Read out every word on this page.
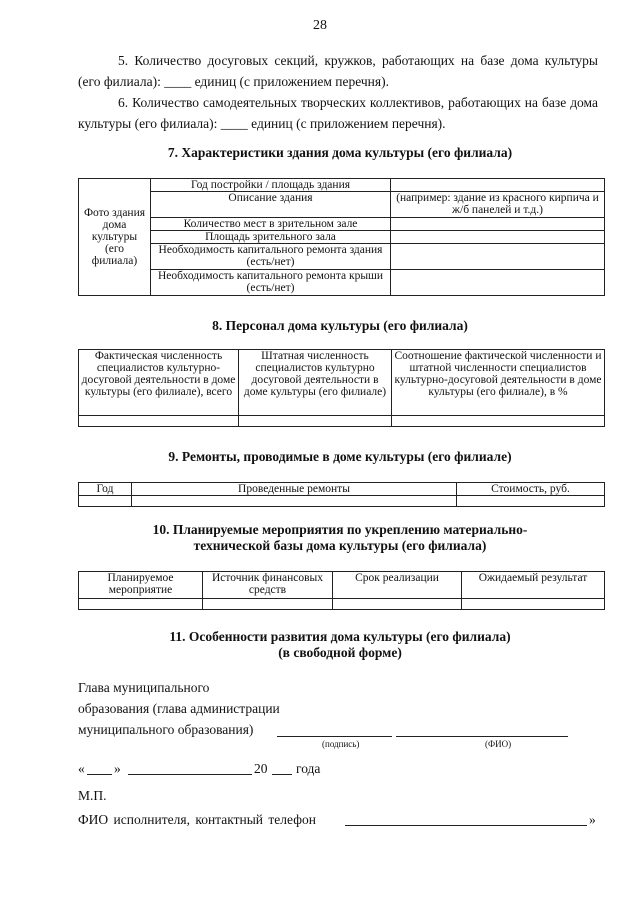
28
5. Количество досуговых секций, кружков, работающих на базе дома культуры (его филиала): ____ единиц (с приложением перечня).
6. Количество самодеятельных творческих коллективов, работающих на базе дома культуры (его филиала): ____ единиц (с приложением перечня).
7. Характеристики здания дома культуры (его филиала)
Фото здания дома культуры (его филиала)	Год постройки / площадь здания	
	Описание здания	(например: здание из красного кирпича и ж/б панелей и т.д.)
	Количество мест в зрительном зале	
	Площадь зрительного зала	
	Необходимость капитального ремонта здания (есть/нет)	
	Необходимость капитального ремонта крыши (есть/нет)	
8. Персонал дома культуры (его филиала)
Фактическая численность специалистов культурно-досуговой деятельности в доме культуры (его филиале), всего	Штатная численность специалистов культурно досуговой деятельности в доме культуры (его филиале)	Соотношение фактической численности и штатной численности специалистов культурно-досуговой деятельности в доме культуры (его филиале), в %

9. Ремонты, проводимые в доме культуры (его филиале)
Год	Проведенные ремонты	Стоимость, руб.

10. Планируемые мероприятия по укреплению материально-
технической базы дома культуры (его филиала)
Планируемое мероприятие	Источник финансовых средств	Срок реализации	Ожидаемый результат

11. Особенности развития дома культуры (его филиала)
(в свободной форме)
Глава муниципального
образования (глава администрации
муниципального образования)
(подпись)	(ФИО)
« »	20 года
М.П.
ФИО исполнителя, контактный телефон	»
